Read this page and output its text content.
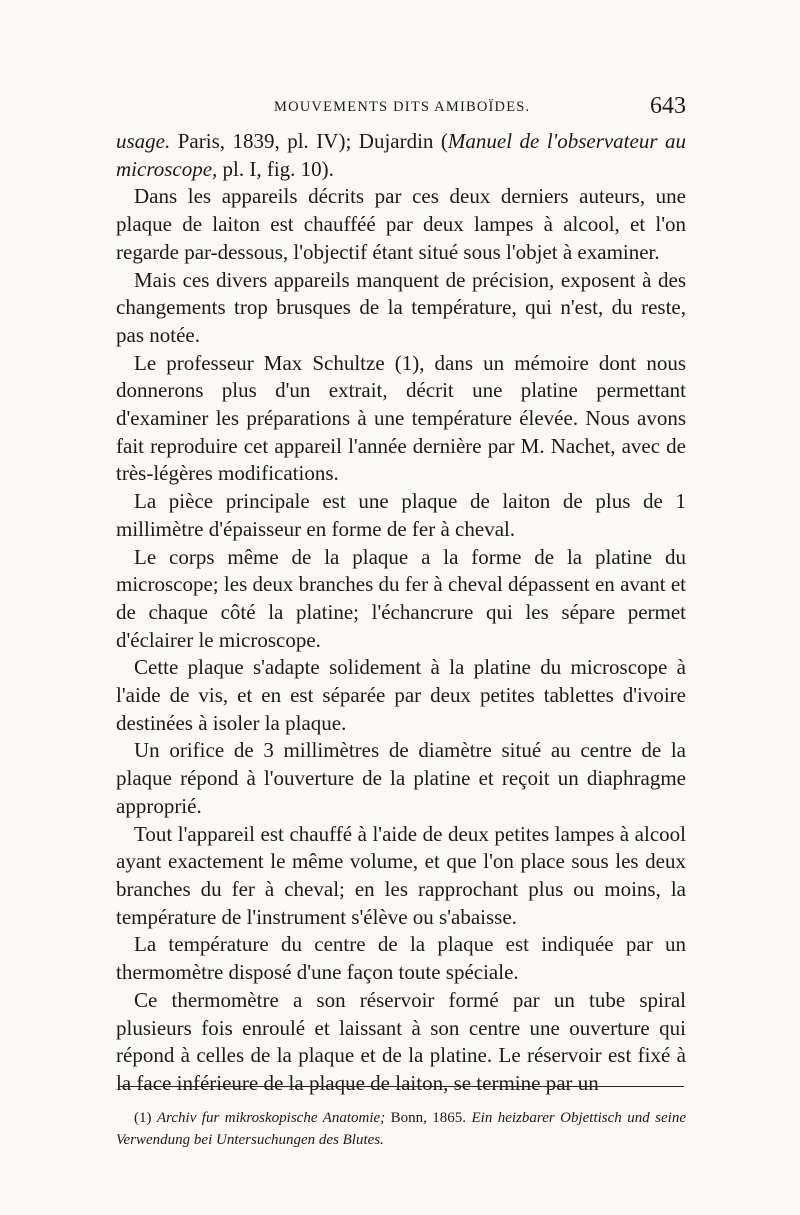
MOUVEMENTS DITS AMIBOÏDES.	643

usage. Paris, 1839, pl. IV); Dujardin (Manuel de l'observateur au microscope, pl. I, fig. 10).

Dans les appareils décrits par ces deux derniers auteurs, une plaque de laiton est chaufféé par deux lampes à alcool, et l'on regarde par-dessous, l'objectif étant situé sous l'objet à examiner.

Mais ces divers appareils manquent de précision, exposent à des changements trop brusques de la température, qui n'est, du reste, pas notée.

Le professeur Max Schultze (1), dans un mémoire dont nous donnerons plus d'un extrait, décrit une platine permettant d'examiner les préparations à une température élevée. Nous avons fait reproduire cet appareil l'année dernière par M. Nachet, avec de très-légères modifications.

La pièce principale est une plaque de laiton de plus de 1 millimètre d'épaisseur en forme de fer à cheval.

Le corps même de la plaque a la forme de la platine du microscope; les deux branches du fer à cheval dépassent en avant et de chaque côté la platine; l'échancrure qui les sépare permet d'éclairer le microscope.

Cette plaque s'adapte solidement à la platine du microscope à l'aide de vis, et en est séparée par deux petites tablettes d'ivoire destinées à isoler la plaque.

Un orifice de 3 millimètres de diamètre situé au centre de la plaque répond à l'ouverture de la platine et reçoit un diaphragme approprié.

Tout l'appareil est chauffé à l'aide de deux petites lampes à alcool ayant exactement le même volume, et que l'on place sous les deux branches du fer à cheval; en les rapprochant plus ou moins, la température de l'instrument s'élève ou s'abaisse.

La température du centre de la plaque est indiquée par un thermomètre disposé d'une façon toute spéciale.

Ce thermomètre a son réservoir formé par un tube spiral plusieurs fois enroulé et laissant à son centre une ouverture qui répond à celles de la plaque et de la platine. Le réservoir est fixé à la face inférieure de la plaque de laiton, se termine par un

(1) Archiv fur mikroskopische Anatomie; Bonn, 1865. Ein heizbarer Objettisch und seine Verwendung bei Untersuchungen des Blutes.
